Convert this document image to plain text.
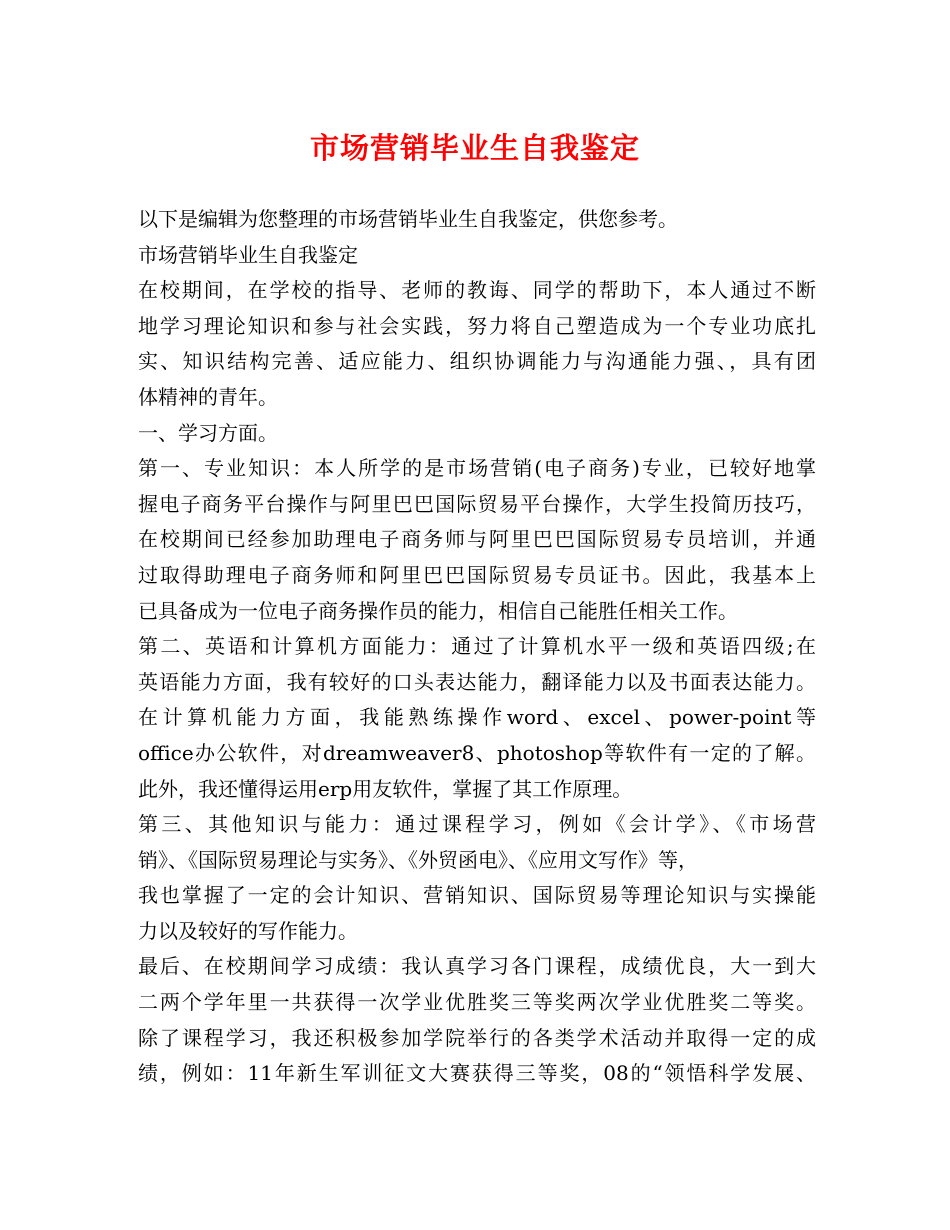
市场营销毕业生自我鉴定
以下是编辑为您整理的市场营销毕业生自我鉴定，供您参考。
市场营销毕业生自我鉴定
在校期间，在学校的指导、老师的教诲、同学的帮助下，本人通过不断
地学习理论知识和参与社会实践，努力将自己塑造成为一个专业功底扎
实、知识结构完善、适应能力、组织协调能力与沟通能力强、，具有团
体精神的青年。
一、学习方面。
第一、专业知识：本人所学的是市场营销(电子商务)专业，已较好地掌
握电子商务平台操作与阿里巴巴国际贸易平台操作，大学生投简历技巧，
在校期间已经参加助理电子商务师与阿里巴巴国际贸易专员培训，并通
过取得助理电子商务师和阿里巴巴国际贸易专员证书。因此，我基本上
已具备成为一位电子商务操作员的能力，相信自己能胜任相关工作。
第二、英语和计算机方面能力：通过了计算机水平一级和英语四级;在
英语能力方面，我有较好的口头表达能力，翻译能力以及书面表达能力。
在计算机能力方面，我能熟练操作word、excel、power-point等
office办公软件，对dreamweaver8、photoshop等软件有一定的了解。
此外，我还懂得运用erp用友软件，掌握了其工作原理。
第三、其他知识与能力：通过课程学习，例如《会计学》、《市场营
销》、《国际贸易理论与实务》、《外贸函电》、《应用文写作》等，
我也掌握了一定的会计知识、营销知识、国际贸易等理论知识与实操能
力以及较好的写作能力。
最后、在校期间学习成绩：我认真学习各门课程，成绩优良，大一到大
二两个学年里一共获得一次学业优胜奖三等奖两次学业优胜奖二等奖。
除了课程学习，我还积极参加学院举行的各类学术活动并取得一定的成
绩，例如：11年新生军训征文大赛获得三等奖，08的“领悟科学发展、
